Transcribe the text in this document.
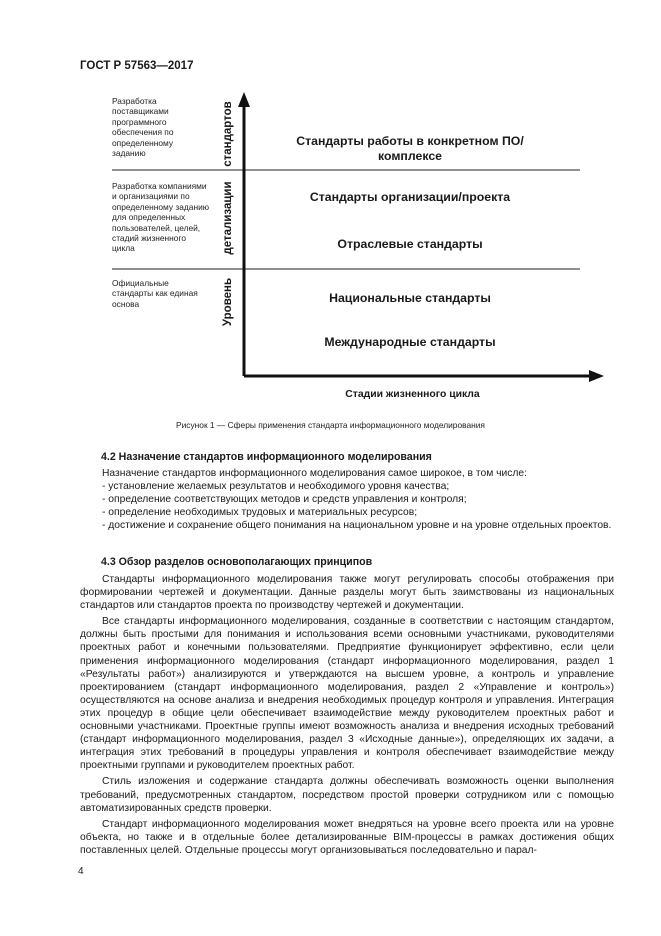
ГОСТ Р 57563—2017
Разработка поставщиками программного обеспечения по определенному заданию
Разработка компаниями и организациями по определенному заданию для определенных пользователей, целей, стадий жизненного цикла
Официальные стандарты как единая основа	Уровень
детализации
стандартов	Стандарты работы в конкретном ПО/комплексе
Стандарты организации/проекта
Отраслевые стандарты
Национальные стандарты
Международные стандарты
Стадии жизненного цикла
Рисунок 1 — Сферы применения стандарта информационного моделирования
4.2 Назначение стандартов информационного моделирования
Назначение стандартов информационного моделирования самое широкое, в том числе:
- установление желаемых результатов и необходимого уровня качества;
- определение соответствующих методов и средств управления и контроля;
- определение необходимых трудовых и материальных ресурсов;
- достижение и сохранение общего понимания на национальном уровне и на уровне отдельных проектов.
4.3 Обзор разделов основополагающих принципов
Стандарты информационного моделирования также могут регулировать способы отображения при формировании чертежей и документации. Данные разделы могут быть заимствованы из национальных стандартов или стандартов проекта по производству чертежей и документации.
Все стандарты информационного моделирования, созданные в соответствии с настоящим стандартом, должны быть простыми для понимания и использования всеми основными участниками, руководителями проектных работ и конечными пользователями. Предприятие функционирует эффективно, если цели применения информационного моделирования (стандарт информационного моделирования, раздел 1 «Результаты работ») анализируются и утверждаются на высшем уровне, а контроль и управление проектированием (стандарт информационного моделирования, раздел 2 «Управление и контроль») осуществляются на основе анализа и внедрения необходимых процедур контроля и управления. Интеграция этих процедур в общие цели обеспечивает взаимодействие между руководителем проектных работ и основными участниками. Проектные группы имеют возможность анализа и внедрения исходных требований (стандарт информационного моделирования, раздел 3 «Исходные данные»), определяющих их задачи, а интеграция этих требований в процедуры управления и контроля обеспечивает взаимодействие между проектными группами и руководителем проектных работ.
Стиль изложения и содержание стандарта должны обеспечивать возможность оценки выполнения требований, предусмотренных стандартом, посредством простой проверки сотрудником или с помощью автоматизированных средств проверки.
Стандарт информационного моделирования может внедряться на уровне всего проекта или на уровне объекта, но также и в отдельные более детализированные BIM-процессы в рамках достижения общих поставленных целей. Отдельные процессы могут организовываться последовательно и парал-
4
